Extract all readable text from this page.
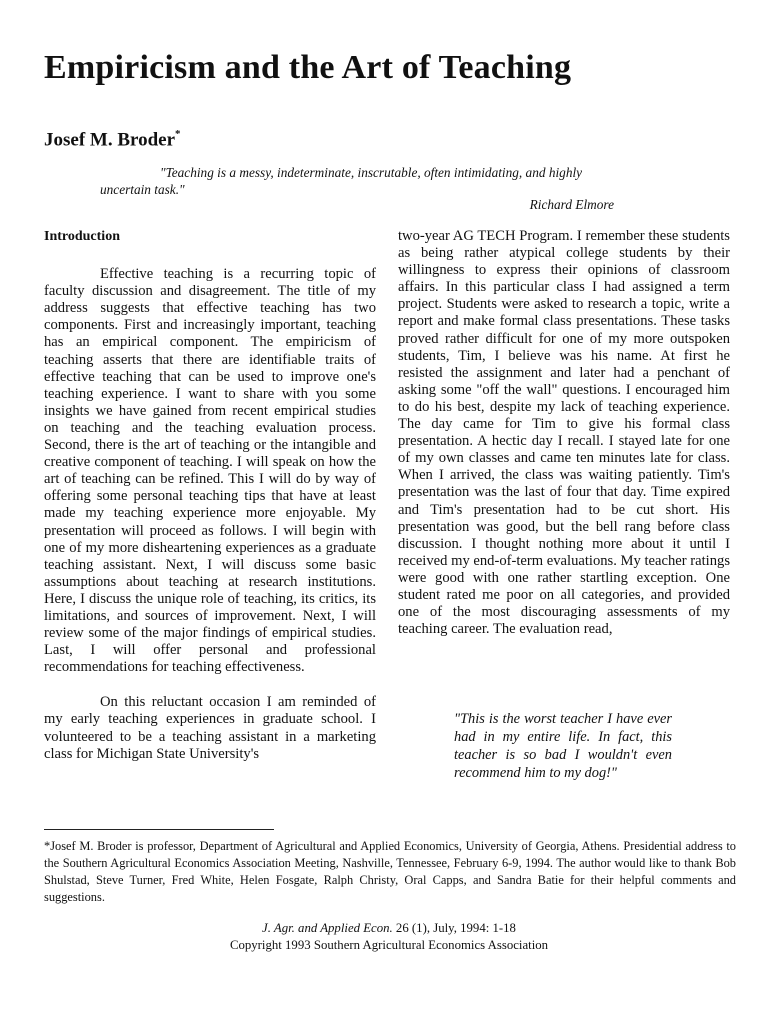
Empiricism and the Art of Teaching
Josef M. Broder*
"Teaching is a messy, indeterminate, inscrutable, often intimidating, and highly
uncertain task."
Richard Elmore
Introduction

Effective teaching is a recurring topic of faculty discussion and disagreement. The title of my address suggests that effective teaching has two components. First and increasingly important, teaching has an empirical component. The empiricism of teaching asserts that there are identifiable traits of effective teaching that can be used to improve one's teaching experience. I want to share with you some insights we have gained from recent empirical studies on teaching and the teaching evaluation process. Second, there is the art of teaching or the intangible and creative component of teaching. I will speak on how the art of teaching can be refined. This I will do by way of offering some personal teaching tips that have at least made my teaching experience more enjoyable. My presentation will proceed as follows. I will begin with one of my more disheartening experiences as a graduate teaching assistant. Next, I will discuss some basic assumptions about teaching at research institutions. Here, I discuss the unique role of teaching, its critics, its limitations, and sources of improvement. Next, I will review some of the major findings of empirical studies. Last, I will offer personal and professional recommendations for teaching effectiveness.

On this reluctant occasion I am reminded of my early teaching experiences in graduate school. I volunteered to be a teaching assistant in a marketing class for Michigan State University's

two-year AG TECH Program. I remember these students as being rather atypical college students by their willingness to express their opinions of classroom affairs. In this particular class I had assigned a term project. Students were asked to research a topic, write a report and make formal class presentations. These tasks proved rather difficult for one of my more outspoken students, Tim, I believe was his name. At first he resisted the assignment and later had a penchant of asking some "off the wall" questions. I encouraged him to do his best, despite my lack of teaching experience. The day came for Tim to give his formal class presentation. A hectic day I recall. I stayed late for one of my own classes and came ten minutes late for class. When I arrived, the class was waiting patiently. Tim's presentation was the last of four that day. Time expired and Tim's presentation had to be cut short. His presentation was good, but the bell rang before class discussion. I thought nothing more about it until I received my end-of-term evaluations. My teacher ratings were good with one rather startling exception. One student rated me poor on all categories, and provided one of the most discouraging assessments of my teaching career. The evaluation read,

"This is the worst teacher I have ever had in my entire life. In fact, this teacher is so bad I wouldn't even recommend him to my dog!"
*Josef M. Broder is professor, Department of Agricultural and Applied Economics, University of Georgia, Athens. Presidential address to the Southern Agricultural Economics Association Meeting, Nashville, Tennessee, February 6-9, 1994. The author would like to thank Bob Shulstad, Steve Turner, Fred White, Helen Fosgate, Ralph Christy, Oral Capps, and Sandra Batie for their helpful comments and suggestions.
J. Agr. and Applied Econ. 26 (1), July, 1994: 1-18
Copyright 1993 Southern Agricultural Economics Association
